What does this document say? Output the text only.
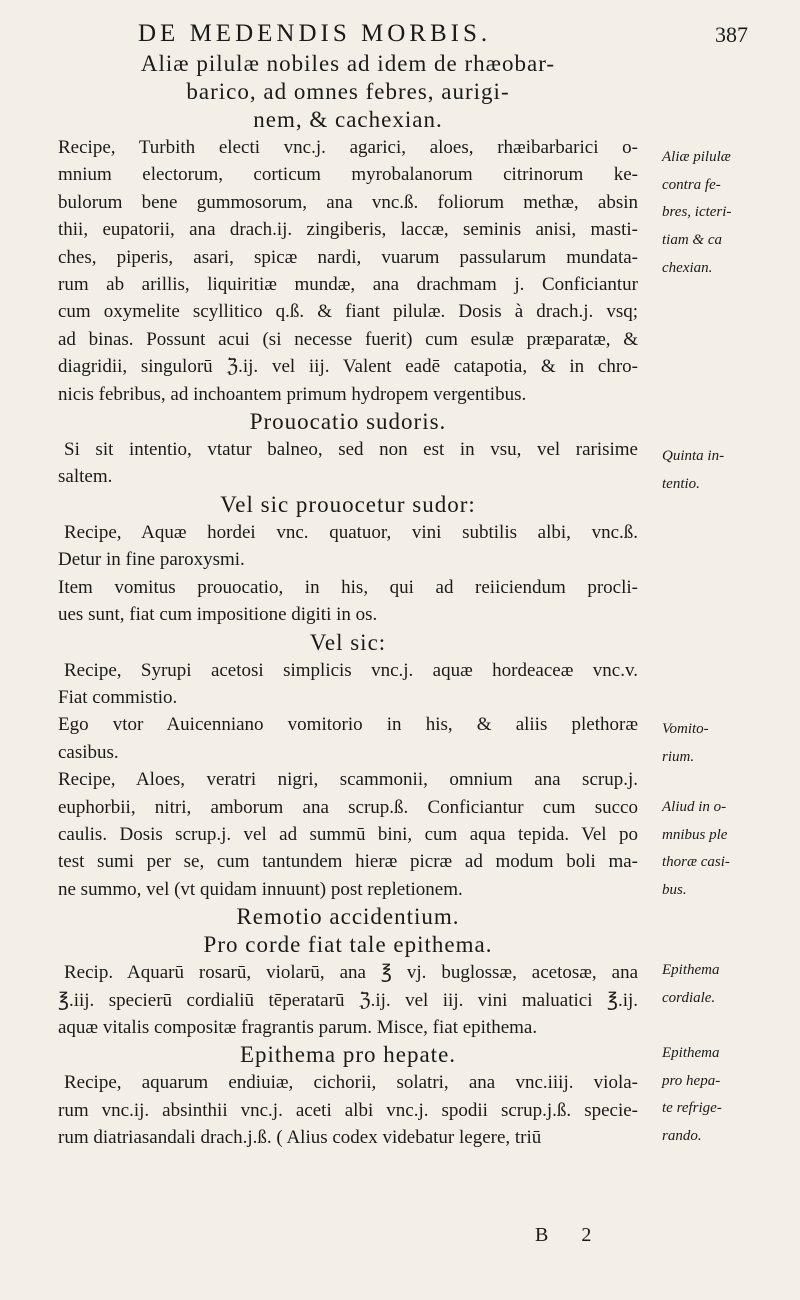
DE MEDENDIS MORBIS.	387
Aliæ pilulæ nobiles ad idem de rhæobar-
barico, ad omnes febres, aurigi-
nem, & cachexian.
Recipe, Turbith electi vnc.j. agarici, aloes, rhæibarbarici o-
mnium electorum, corticum myrobalanorum citrinorum ke-
bulorum bene gummosorum, ana vnc.ß. foliorum methæ, absin
thii, eupatorii, ana drach.ij. zingiberis, laccæ, seminis anisi, masti-
ches, piperis, asari, spicæ nardi, vuarum passularum mundata-
rum ab arillis, liquiritiæ mundæ, ana drachmam j. Conficiantur
cum oxymelite scyllitico q.ß. & fiant pilulæ. Dosis à drach.j. vsq;
ad binas. Possunt acui (si necesse fuerit) cum esulæ præparatæ, &
diagridii, singulorū ℨ.ij. vel iij. Valent eadē catapotia, & in chro-
nicis febribus, ad inchoantem primum hydropem vergentibus.
Prouocatio sudoris.
Si sit intentio, vtatur balneo, sed non est in vsu, vel rarisime
saltem.
Vel sic prouocetur sudor:
Recipe, Aquæ hordei vnc. quatuor, vini subtilis albi, vnc.ß.
Detur in fine paroxysmi.
Item vomitus prouocatio, in his, qui ad reiiciendum procli-
ues sunt, fiat cum impositione digiti in os.
Vel sic:
Recipe, Syrupi acetosi simplicis vnc.j. aquæ hordeaceæ vnc.v.
Fiat commistio.
Ego vtor Auicenniano vomitorio in his, & aliis plethoræ
casibus.
Recipe, Aloes, veratri nigri, scammonii, omnium ana scrup.j.
euphorbii, nitri, amborum ana scrup.ß. Conficiantur cum succo
caulis. Dosis scrup.j. vel ad summū bini, cum aqua tepida. Vel po
test sumi per se, cum tantundem hieræ picræ ad modum boli ma-
ne summo, vel (vt quidam innuunt) post repletionem.
Remotio accidentium.
Pro corde fiat tale epithema.
Recip. Aquarū rosarū, violarū, ana ℥ vj. buglossæ, acetosæ, ana
℥.iij. specierū cordialiū tēperatarū ℨ.ij. vel iij. vini maluatici ℥.ij.
aquæ vitalis compositæ fragrantis parum. Misce, fiat epithema.
Epithema pro hepate.
Recipe, aquarum endiuiæ, cichorii, solatri, ana vnc.iiij. viola-
rum vnc.ij. absinthii vnc.j. aceti albi vnc.j. spodii scrup.j.ß. specie-
rum diatriasandali drach.j.ß. ( Alius codex videbatur legere, triū
Aliæ pilulæ
contra fe-
bres, icteri-
tiam & ca
chexian.
Quinta in-
tentio.
Vomito-
rium.
Aliud in o-
mnibus ple
thoræ casi-
bus.
Epithema
cordiale.
Epithema
pro hepa-
te refrige-
rando.
B 2
